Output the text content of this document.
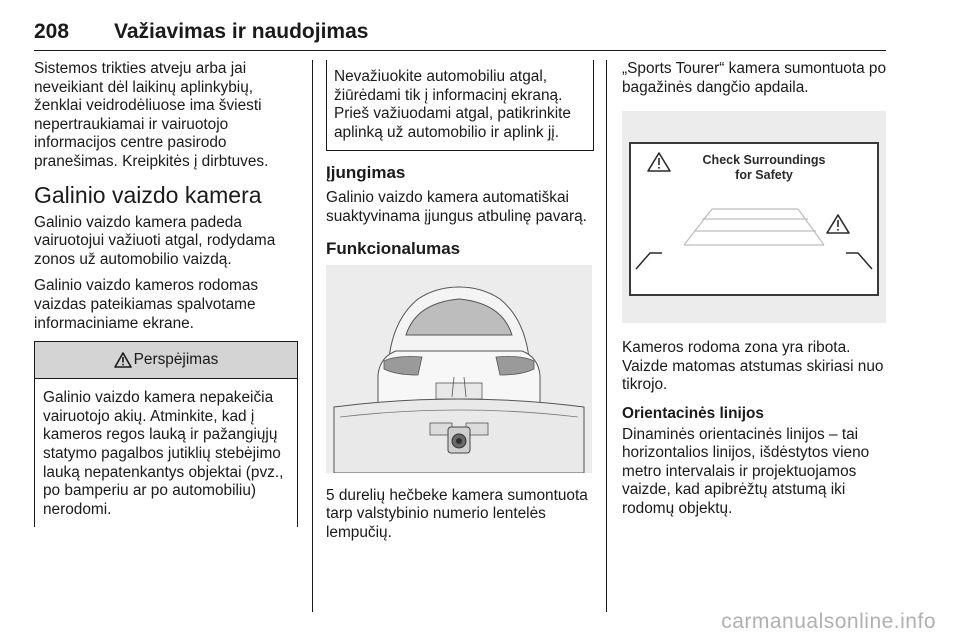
208 Važiavimas ir naudojimas

Sistemos trikties atveju arba jai neveikiant dėl laikinų aplinkybių, ženklai veidrodėliuose ima šviesti nepertraukiamai ir vairuotojo informacijos centre pasirodo pranešimas. Kreipkitės į dirbtuves.

Galinio vaizdo kamera

Galinio vaizdo kamera padeda vairuotojui važiuoti atgal, rodydama zonos už automobilio vaizdą.

Galinio vaizdo kameros rodomas vaizdas pateikiamas spalvotame informaciniame ekrane.

Perspėjimas

Galinio vaizdo kamera nepakeičia vairuotojo akių. Atminkite, kad į kameros regos lauką ir pažangiųjų statymo pagalbos jutiklių stebėjimo lauką nepatenkantys objektai (pvz., po bamperiu ar po automobiliu) nerodomi.

Nevažiuokite automobiliu atgal, žiūrėdami tik į informacinį ekraną. Prieš važiuodami atgal, patikrinkite aplinką už automobilio ir aplink jį.

Įjungimas

Galinio vaizdo kamera automatiškai suaktyvinama įjungus atbulinę pavarą.

Funkcionalumas

5 durelių hečbeke kamera sumontuota tarp valstybinio numerio lentelės lempučių.

„Sports Tourer“ kamera sumontuota po bagažinės dangčio apdaila.

Check Surroundings
for Safety

Kameros rodoma zona yra ribota. Vaizde matomas atstumas skiriasi nuo tikrojo.

Orientacinės linijos

Dinaminės orientacinės linijos – tai horizontalios linijos, išdėstytos vieno metro intervalais ir projektuojamos vaizde, kad apibrėžtų atstumą iki rodomų objektų.

carmanualsonline.info
